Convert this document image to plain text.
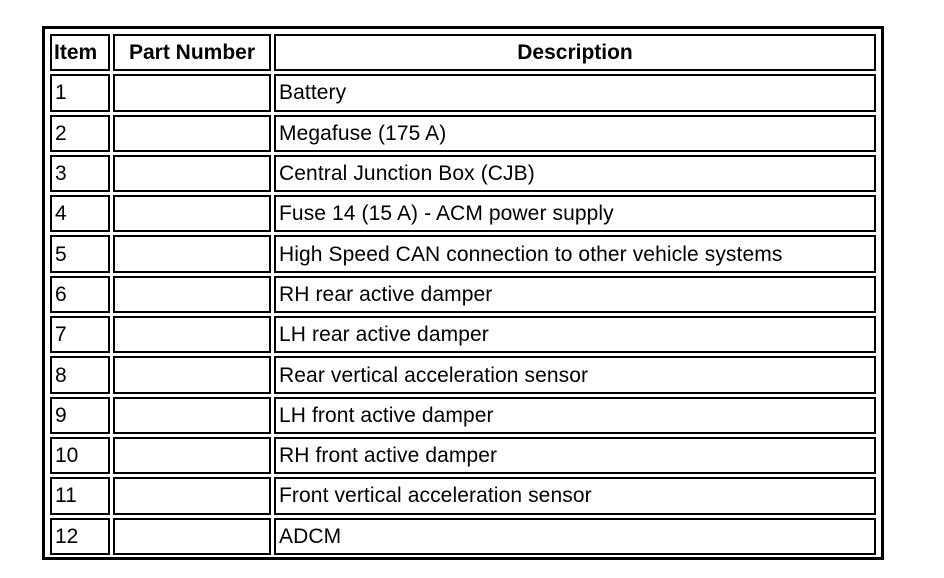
Item	Part Number	Description
1		Battery
2		Megafuse (175 A)
3		Central Junction Box (CJB)
4		Fuse 14 (15 A) - ACM power supply
5		High Speed CAN connection to other vehicle systems
6		RH rear active damper
7		LH rear active damper
8		Rear vertical acceleration sensor
9		LH front active damper
10		RH front active damper
11		Front vertical acceleration sensor
12		ADCM
